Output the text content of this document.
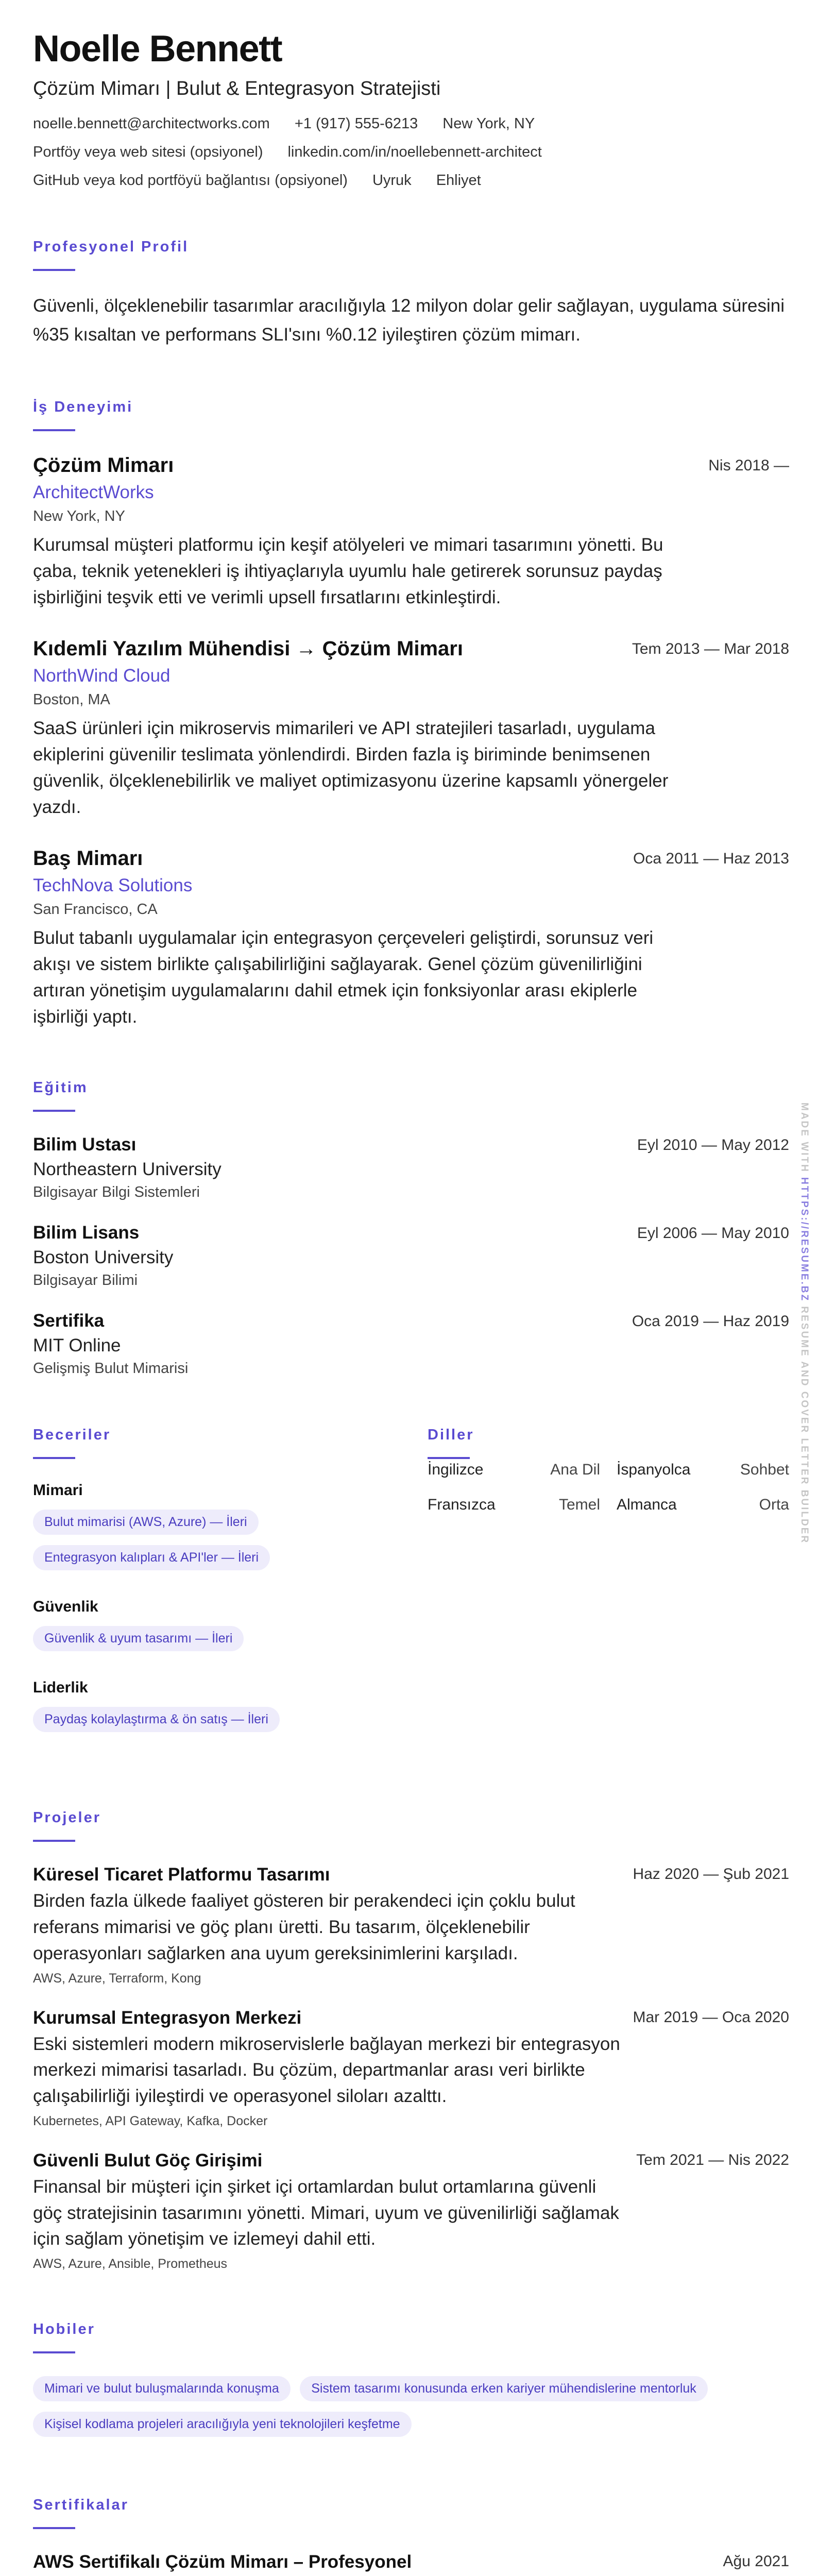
Noelle Bennett
Çözüm Mimarı | Bulut & Entegrasyon Stratejisti
noelle.bennett@architectworks.com +1 (917) 555-6213 New York, NY
Portföy veya web sitesi (opsiyonel) linkedin.com/in/noellebennett-architect
GitHub veya kod portföyü bağlantısı (opsiyonel) Uyruk Ehliyet
Profesyonel Profil

Güvenli, ölçeklenebilir tasarımlar aracılığıyla 12 milyon dolar gelir sağlayan, uygulama süresini %35 kısaltan ve performans SLI'sını %0.12 iyileştiren çözüm mimarı.

İş Deneyimi
Çözüm Mimarı	Nis 2018 —
ArchitectWorks
New York, NY

Kurumsal müşteri platformu için keşif atölyeleri ve mimari tasarımını yönetti. Bu çaba, teknik yetenekleri iş ihtiyaçlarıyla uyumlu hale getirerek sorunsuz paydaş işbirliğini teşvik etti ve verimli upsell fırsatlarını etkinleştirdi.

Kıdemli Yazılım Mühendisi → Çözüm Mimarı	Tem 2013 — Mar 2018
NorthWind Cloud
Boston, MA

SaaS ürünleri için mikroservis mimarileri ve API stratejileri tasarladı, uygulama ekiplerini güvenilir teslimata yönlendirdi. Birden fazla iş biriminde benimsenen güvenlik, ölçeklenebilirlik ve maliyet optimizasyonu üzerine kapsamlı yönergeler yazdı.

Baş Mimarı	Oca 2011 — Haz 2013
TechNova Solutions
San Francisco, CA

Bulut tabanlı uygulamalar için entegrasyon çerçeveleri geliştirdi, sorunsuz veri akışı ve sistem birlikte çalışabilirliğini sağlayarak. Genel çözüm güvenilirliğini artıran yönetişim uygulamalarını dahil etmek için fonksiyonlar arası ekiplerle işbirliği yaptı.

Eğitim
Bilim Ustası	Eyl 2010 — May 2012
Northeastern University
Bilgisayar Bilgi Sistemleri
Bilim Lisans	Eyl 2006 — May 2010
Boston University
Bilgisayar Bilimi
Sertifika	Oca 2019 — Haz 2019
MIT Online
Gelişmiş Bulut Mimarisi
Beceriler
Mimari
Bulut mimarisi (AWS, Azure) — İleri
Entegrasyon kalıpları & API'ler — İleri
Güvenlik
Güvenlik & uyum tasarımı — İleri
Liderlik
Paydaş kolaylaştırma & ön satış — İleri
Diller
İngilizce	Ana Dil İspanyolca	Sohbet
Fransızca	Temel Almanca	Orta
Projeler
Küresel Ticaret Platformu Tasarımı	Haz 2020 — Şub 2021

Birden fazla ülkede faaliyet gösteren bir perakendeci için çoklu bulut referans mimarisi ve göç planı üretti. Bu tasarım, ölçeklenebilir operasyonları sağlarken ana uyum gereksinimlerini karşıladı.

AWS, Azure, Terraform, Kong
Kurumsal Entegrasyon Merkezi	Mar 2019 — Oca 2020

Eski sistemleri modern mikroservislerle bağlayan merkezi bir entegrasyon merkezi mimarisi tasarladı. Bu çözüm, departmanlar arası veri birlikte çalışabilirliği iyileştirdi ve operasyonel siloları azalttı.

Kubernetes, API Gateway, Kafka, Docker
Güvenli Bulut Göç Girişimi	Tem 2021 — Nis 2022

Finansal bir müşteri için şirket içi ortamlardan bulut ortamlarına güvenli göç stratejisinin tasarımını yönetti. Mimari, uyum ve güvenilirliği sağlamak için sağlam yönetişim ve izlemeyi dahil etti.

AWS, Azure, Ansible, Prometheus
Hobiler
Mimari ve bulut buluşmalarında konuşma Sistem tasarımı konusunda erken kariyer mühendislerine mentorluk
Kişisel kodlama projeleri aracılığıyla yeni teknolojileri keşfetme
Sertifikalar
AWS Sertifikalı Çözüm Mimarı – Profesyonel	Ağu 2021
MADE WITH HTTPS://RESUME.BZ RESUME AND COVER LETTER BUILDER
